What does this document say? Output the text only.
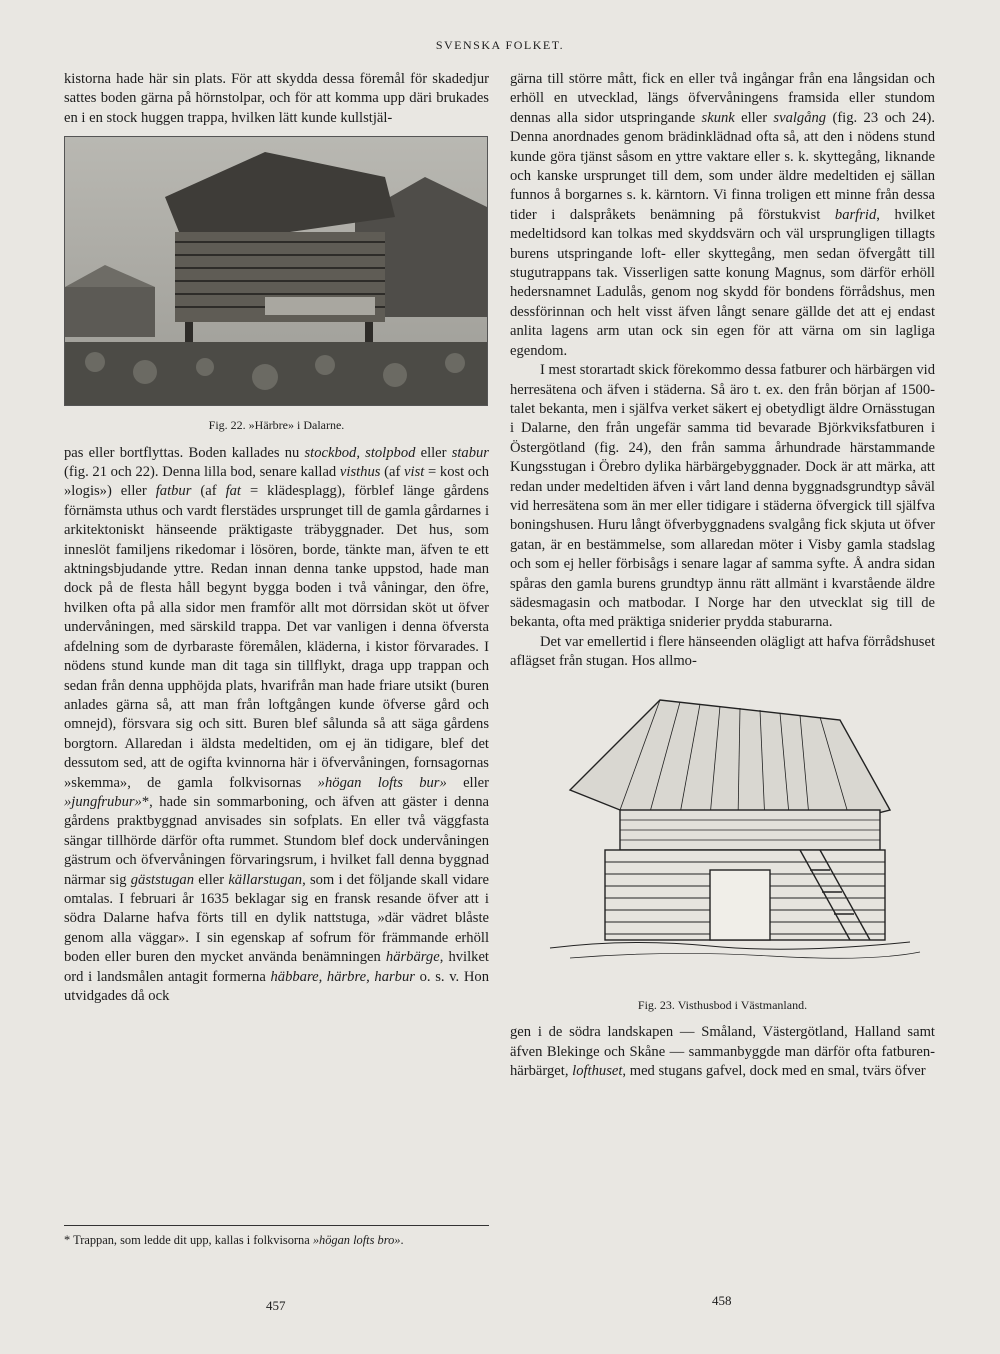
SVENSKA FOLKET.

kistorna hade här sin plats. För att skydda dessa föremål för skadedjur sattes boden gärna på hörnstolpar, och för att komma upp däri brukades en i en stock huggen trappa, hvilken lätt kunde kullstjäl-

Fig. 22. »Härbre» i Dalarne.

pas eller bortflyttas. Boden kallades nu stockbod, stolpbod eller stabur (fig. 21 och 22). Denna lilla bod, senare kallad visthus (af vist = kost och »logis») eller fatbur (af fat = klädesplagg), förblef länge gårdens förnämsta uthus och vardt flerstädes ursprunget till de gamla gårdarnes i arkitektoniskt hänseende präktigaste träbyggnader. Det hus, som inneslöt familjens rikedomar i lösören, borde, tänkte man, äfven te ett aktningsbjudande yttre. Redan innan denna tanke uppstod, hade man dock på de flesta håll begynt bygga boden i två våningar, den öfre, hvilken ofta på alla sidor men framför allt mot dörrsidan sköt ut öfver undervåningen, med särskild trappa. Det var vanligen i denna öfversta afdelning som de dyrbaraste föremålen, kläderna, i kistor förvarades. I nödens stund kunde man dit taga sin tillflykt, draga upp trappan och sedan från denna upphöjda plats, hvarifrån man hade friare utsikt (buren anlades gärna så, att man från loftgången kunde öfverse gård och omnejd), försvara sig och sitt. Buren blef sålunda så att säga gårdens borgtorn. Allaredan i äldsta medeltiden, om ej än tidigare, blef det dessutom sed, att de ogifta kvinnorna här i öfvervåningen, fornsagornas »skemma», de gamla folkvisornas »högan lofts bur» eller »jungfrubur»*, hade sin sommarboning, och äfven att gäster i denna gårdens praktbyggnad anvisades sin sofplats. En eller två väggfasta sängar tillhörde därför ofta rummet. Stundom blef dock undervåningen gästrum och öfvervåningen förvaringsrum, i hvilket fall denna byggnad närmar sig gäststugan eller källarstugan, som i det följande skall vidare omtalas. I februari år 1635 beklagar sig en fransk resande öfver att i södra Dalarne hafva förts till en dylik nattstuga, »där vädret blåste genom alla väggar». I sin egenskap af sofrum för främmande erhöll boden eller buren den mycket använda benämningen härbärge, hvilket ord i landsmålen antagit formerna häbbare, härbre, harbur o. s. v. Hon utvidgades då ock

* Trappan, som ledde dit upp, kallas i folkvisorna »högan lofts bro».
457

gärna till större mått, fick en eller två ingångar från ena långsidan och erhöll en utvecklad, längs öfvervåningens framsida eller stundom dennas alla sidor utspringande skunk eller svalgång (fig. 23 och 24). Denna anordnades genom brädinklädnad ofta så, att den i nödens stund kunde göra tjänst såsom en yttre vaktare eller s. k. skyttegång, liknande och kanske ursprunget till dem, som under äldre medeltiden ej sällan funnos å borgarnes s. k. kärntorn. Vi finna troligen ett minne från dessa tider i dalspråkets benämning på förstukvist barfrid, hvilket medeltidsord kan tolkas med skyddsvärn och väl ursprungligen tillagts burens utspringande loft- eller skyttegång, men sedan öfvergått till stugutrappans tak. Visserligen satte konung Magnus, som därför erhöll hedersnamnet Ladulås, genom nog skydd för bondens förrådshus, men dessförinnan och helt visst äfven långt senare gällde det att ej endast anlita lagens arm utan ock sin egen för att värna om sin lagliga egendom.

I mest storartadt skick förekommo dessa fatburer och härbärgen vid herresätena och äfven i städerna. Så äro t. ex. den från början af 1500-talet bekanta, men i själfva verket säkert ej obetydligt äldre Ornässtugan i Dalarne, den från ungefär samma tid bevarade Björkviksfatburen i Östergötland (fig. 24), den från samma århundrade härstammande Kungsstugan i Örebro dylika härbärgebyggnader. Dock är att märka, att redan under medeltiden äfven i vårt land denna byggnadsgrundtyp såväl vid herresätena som än mer eller tidigare i städerna öfvergick till själfva boningshusen. Huru långt öfverbyggnadens svalgång fick skjuta ut öfver gatan, är en bestämmelse, som allaredan möter i Visby gamla stadslag och som ej heller förbisågs i senare lagar af samma syfte. Å andra sidan spåras den gamla burens grundtyp ännu rätt allmänt i kvarstående äldre sädesmagasin och matbodar. I Norge har den utvecklat sig till de bekanta, ofta med präktiga sniderier prydda staburarna.

Det var emellertid i flere hänseenden olägligt att hafva förrådshuset aflägset från stugan. Hos allmo-

Fig. 23. Visthusbod i Västmanland.

gen i de södra landskapen — Småland, Västergötland, Halland samt äfven Blekinge och Skåne — sammanbyggde man därför ofta fatburen-härbärget, lofthuset, med stugans gafvel, dock med en smal, tvärs öfver

458
